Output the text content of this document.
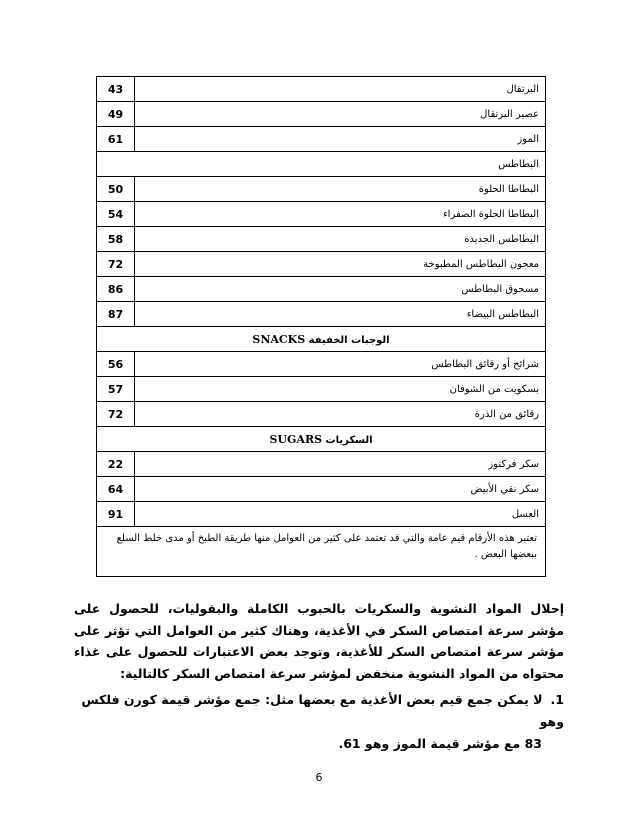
43	البرتقال
49	عصير البرتقال
61	الموز
البطاطس	
50	البطاطا الحلوة
54	البطاطا الحلوة الصفراء
58	البطاطس الجديدة
72	معجون البطاطس المطبوخة
86	مسحوق البطاطس
87	البطاطس البيضاء
الوجبات الخفيفة SNACKS	
56	شرائح أو رقائق البطاطس
57	بسكويت من الشوفان
72	رقائق من الذرة
السكريات SUGARS	
22	سكر فركتوز
64	سكر نقي الأبيض
91	العسل
تعتبر هذه الأرقام قيم عامة والتي قد تعتمد على كثير من العوامل منها طريقة الطبخ أو مدى خلط السلع ببعضها البعض .	

إحلال المواد النشوية والسكريات بالحبوب الكاملة والبقوليات، للحصول على مؤشر سرعة امتصاص السكر في الأغذية، وهناك كثير من العوامل التي تؤثر على مؤشر سرعة امتصاص السكر للأغذية، وتوجد بعض الاعتبارات للحصول على غذاء محتواه من المواد النشوية منخفض لمؤشر سرعة امتصاص السكر كالتالية:

1.لا يمكن جمع قيم بعض الأغذية مع بعضها مثل: جمع مؤشر قيمة كورن فلكس وهو
83 مع مؤشر قيمة الموز وهو 61.
6
